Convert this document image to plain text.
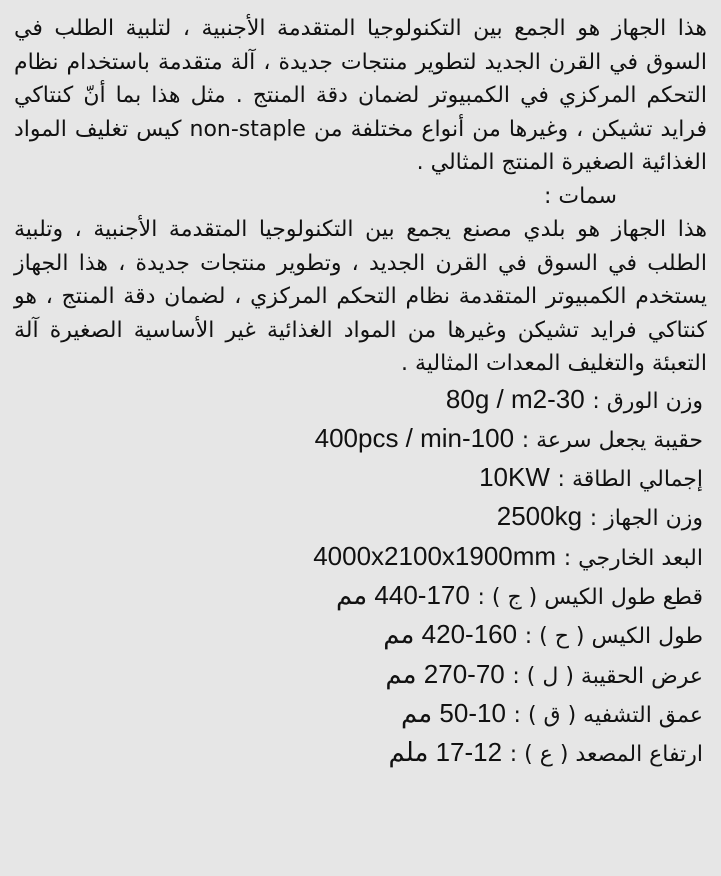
هذا الجهاز هو الجمع بين التكنولوجيا المتقدمة الأجنبية ، لتلبية الطلب في السوق في القرن الجديد لتطوير منتجات جديدة ، آلة متقدمة باستخدام نظام التحكم المركزي في الكمبيوتر لضمان دقة المنتج . مثل هذا بما أنّ كنتاكي فرايد تشيكن ، وغيرها من أنواع مختلفة من non-staple كيس تغليف المواد الغذائية الصغيرة المنتج المثالي .

سمات :

هذا الجهاز هو بلدي مصنع يجمع بين التكنولوجيا المتقدمة الأجنبية ، وتلبية الطلب في السوق في القرن الجديد ، وتطوير منتجات جديدة ، هذا الجهاز يستخدم الكمبيوتر المتقدمة نظام التحكم المركزي ، لضمان دقة المنتج ، هو كنتاكي فرايد تشيكن وغيرها من المواد الغذائية غير الأساسية الصغيرة آلة التعبئة والتغليف المعدات المثالية .

وزن الورق : 80g / m2-30
حقيبة يجعل سرعة : 400pcs / min-100
إجمالي الطاقة : 10KW
وزن الجهاز : 2500kg
البعد الخارجي : 4000x2100x1900mm
قطع طول الكيس ( ج ) : 440-170 مم
طول الكيس ( ح ) : 420-160 مم
عرض الحقيبة ( ل ) : 270-70 مم
عمق التشفيه ( ق ) : 50-10 مم
ارتفاع المصعد ( ع ) : 17-12 ملم
